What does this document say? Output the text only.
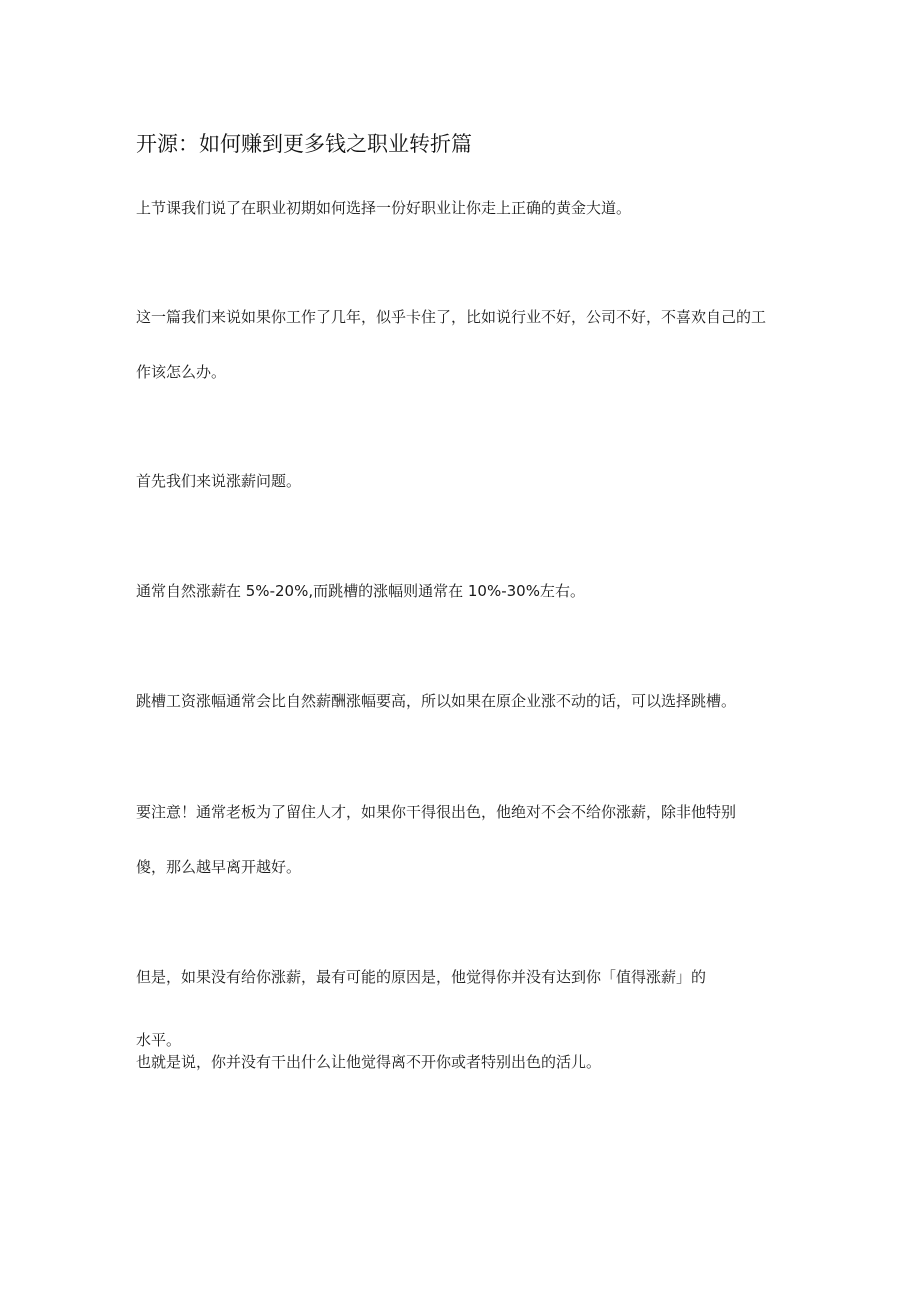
开源：如何赚到更多钱之职业转折篇
上节课我们说了在职业初期如何选择一份好职业让你走上正确的黄金大道。
这一篇我们来说如果你工作了几年，似乎卡住了，比如说行业不好，公司不好，不喜欢自己的工
作该怎么办。
首先我们来说涨薪问题。
通常自然涨薪在 5%-20%,而跳槽的涨幅则通常在 10%-30%左右。
跳槽工资涨幅通常会比自然薪酬涨幅要高，所以如果在原企业涨不动的话，可以选择跳槽。
要注意！通常老板为了留住人才，如果你干得很出色，他绝对不会不给你涨薪，除非他特别
傻，那么越早离开越好。
但是，如果没有给你涨薪，最有可能的原因是，他觉得你并没有达到你「值得涨薪」的
水平。
也就是说，你并没有干出什么让他觉得离不开你或者特别出色的活儿。
